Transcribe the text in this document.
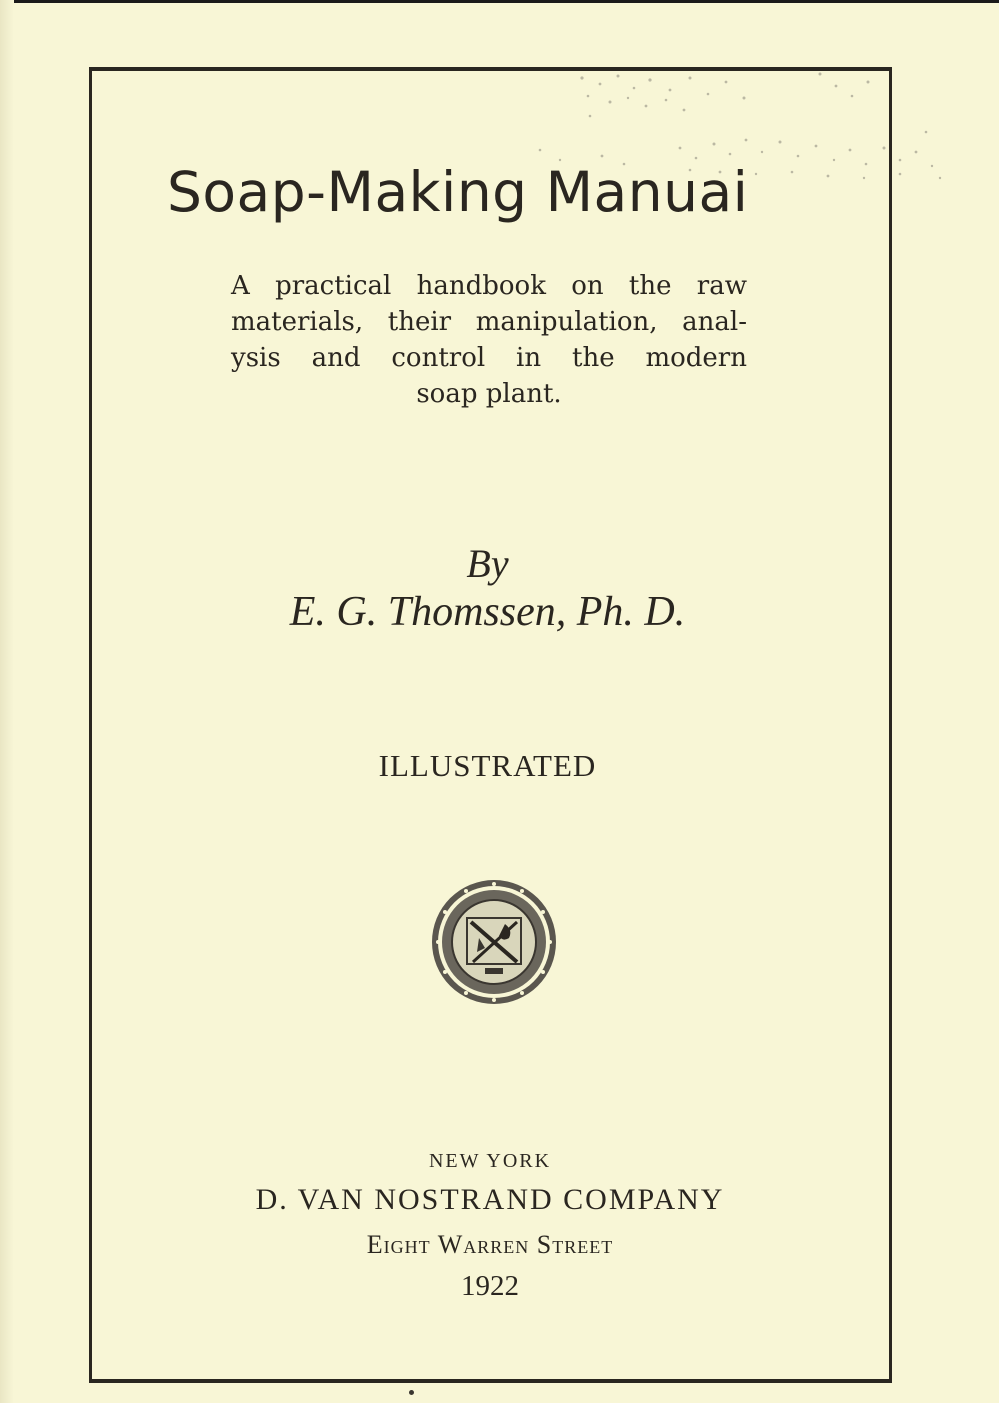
Soap-Making Manuai
A practical handbook on the raw
materials, their manipulation, anal-
ysis and control in the modern
soap plant.
By
E. G. Thomssen, Ph. D.
ILLUSTRATED
NEW YORK
D. VAN NOSTRAND COMPANY
Eight Warren Street
1922
